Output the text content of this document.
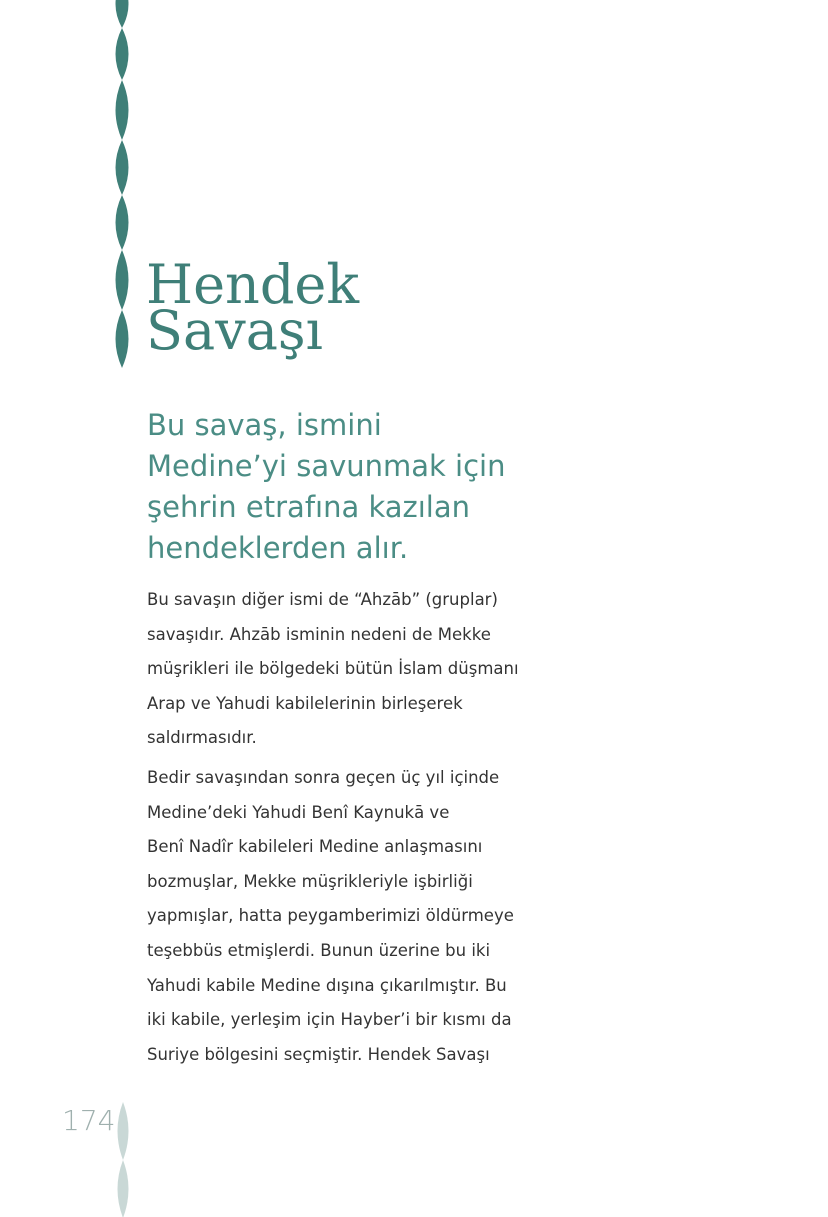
Hendek
Savaşı
Bu savaş, ismini
Medine’yi savunmak için
şehrin etrafına kazılan
hendeklerden alır.
Bu savaşın diğer ismi de “Ahzāb” (gruplar)
savaşıdır. Ahzāb isminin nedeni de Mekke
müşrikleri ile bölgedeki bütün İslam düşmanı
Arap ve Yahudi kabilelerinin birleşerek
saldırmasıdır.
Bedir savaşından sonra geçen üç yıl içinde
Medine’deki Yahudi Benî Kaynukā ve
Benî Nadîr kabileleri Medine anlaşmasını
bozmuşlar, Mekke müşrikleriyle işbirliği
yapmışlar, hatta peygamberimizi öldürmeye
teşebbüs etmişlerdi. Bunun üzerine bu iki
Yahudi kabile Medine dışına çıkarılmıştır. Bu
iki kabile, yerleşim için Hayber’i bir kısmı da
Suriye bölgesini seçmiştir. Hendek Savaşı
174
